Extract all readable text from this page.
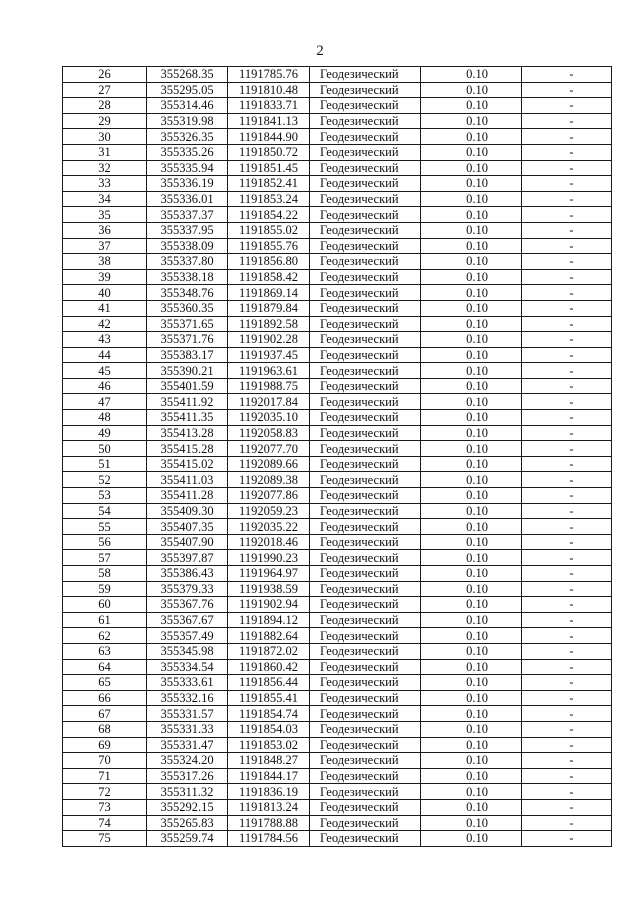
2
26	355268.35	1191785.76	Геодезический	0.10	-
27	355295.05	1191810.48	Геодезический	0.10	-
28	355314.46	1191833.71	Геодезический	0.10	-
29	355319.98	1191841.13	Геодезический	0.10	-
30	355326.35	1191844.90	Геодезический	0.10	-
31	355335.26	1191850.72	Геодезический	0.10	-
32	355335.94	1191851.45	Геодезический	0.10	-
33	355336.19	1191852.41	Геодезический	0.10	-
34	355336.01	1191853.24	Геодезический	0.10	-
35	355337.37	1191854.22	Геодезический	0.10	-
36	355337.95	1191855.02	Геодезический	0.10	-
37	355338.09	1191855.76	Геодезический	0.10	-
38	355337.80	1191856.80	Геодезический	0.10	-
39	355338.18	1191858.42	Геодезический	0.10	-
40	355348.76	1191869.14	Геодезический	0.10	-
41	355360.35	1191879.84	Геодезический	0.10	-
42	355371.65	1191892.58	Геодезический	0.10	-
43	355371.76	1191902.28	Геодезический	0.10	-
44	355383.17	1191937.45	Геодезический	0.10	-
45	355390.21	1191963.61	Геодезический	0.10	-
46	355401.59	1191988.75	Геодезический	0.10	-
47	355411.92	1192017.84	Геодезический	0.10	-
48	355411.35	1192035.10	Геодезический	0.10	-
49	355413.28	1192058.83	Геодезический	0.10	-
50	355415.28	1192077.70	Геодезический	0.10	-
51	355415.02	1192089.66	Геодезический	0.10	-
52	355411.03	1192089.38	Геодезический	0.10	-
53	355411.28	1192077.86	Геодезический	0.10	-
54	355409.30	1192059.23	Геодезический	0.10	-
55	355407.35	1192035.22	Геодезический	0.10	-
56	355407.90	1192018.46	Геодезический	0.10	-
57	355397.87	1191990.23	Геодезический	0.10	-
58	355386.43	1191964.97	Геодезический	0.10	-
59	355379.33	1191938.59	Геодезический	0.10	-
60	355367.76	1191902.94	Геодезический	0.10	-
61	355367.67	1191894.12	Геодезический	0.10	-
62	355357.49	1191882.64	Геодезический	0.10	-
63	355345.98	1191872.02	Геодезический	0.10	-
64	355334.54	1191860.42	Геодезический	0.10	-
65	355333.61	1191856.44	Геодезический	0.10	-
66	355332.16	1191855.41	Геодезический	0.10	-
67	355331.57	1191854.74	Геодезический	0.10	-
68	355331.33	1191854.03	Геодезический	0.10	-
69	355331.47	1191853.02	Геодезический	0.10	-
70	355324.20	1191848.27	Геодезический	0.10	-
71	355317.26	1191844.17	Геодезический	0.10	-
72	355311.32	1191836.19	Геодезический	0.10	-
73	355292.15	1191813.24	Геодезический	0.10	-
74	355265.83	1191788.88	Геодезический	0.10	-
75	355259.74	1191784.56	Геодезический	0.10	-
